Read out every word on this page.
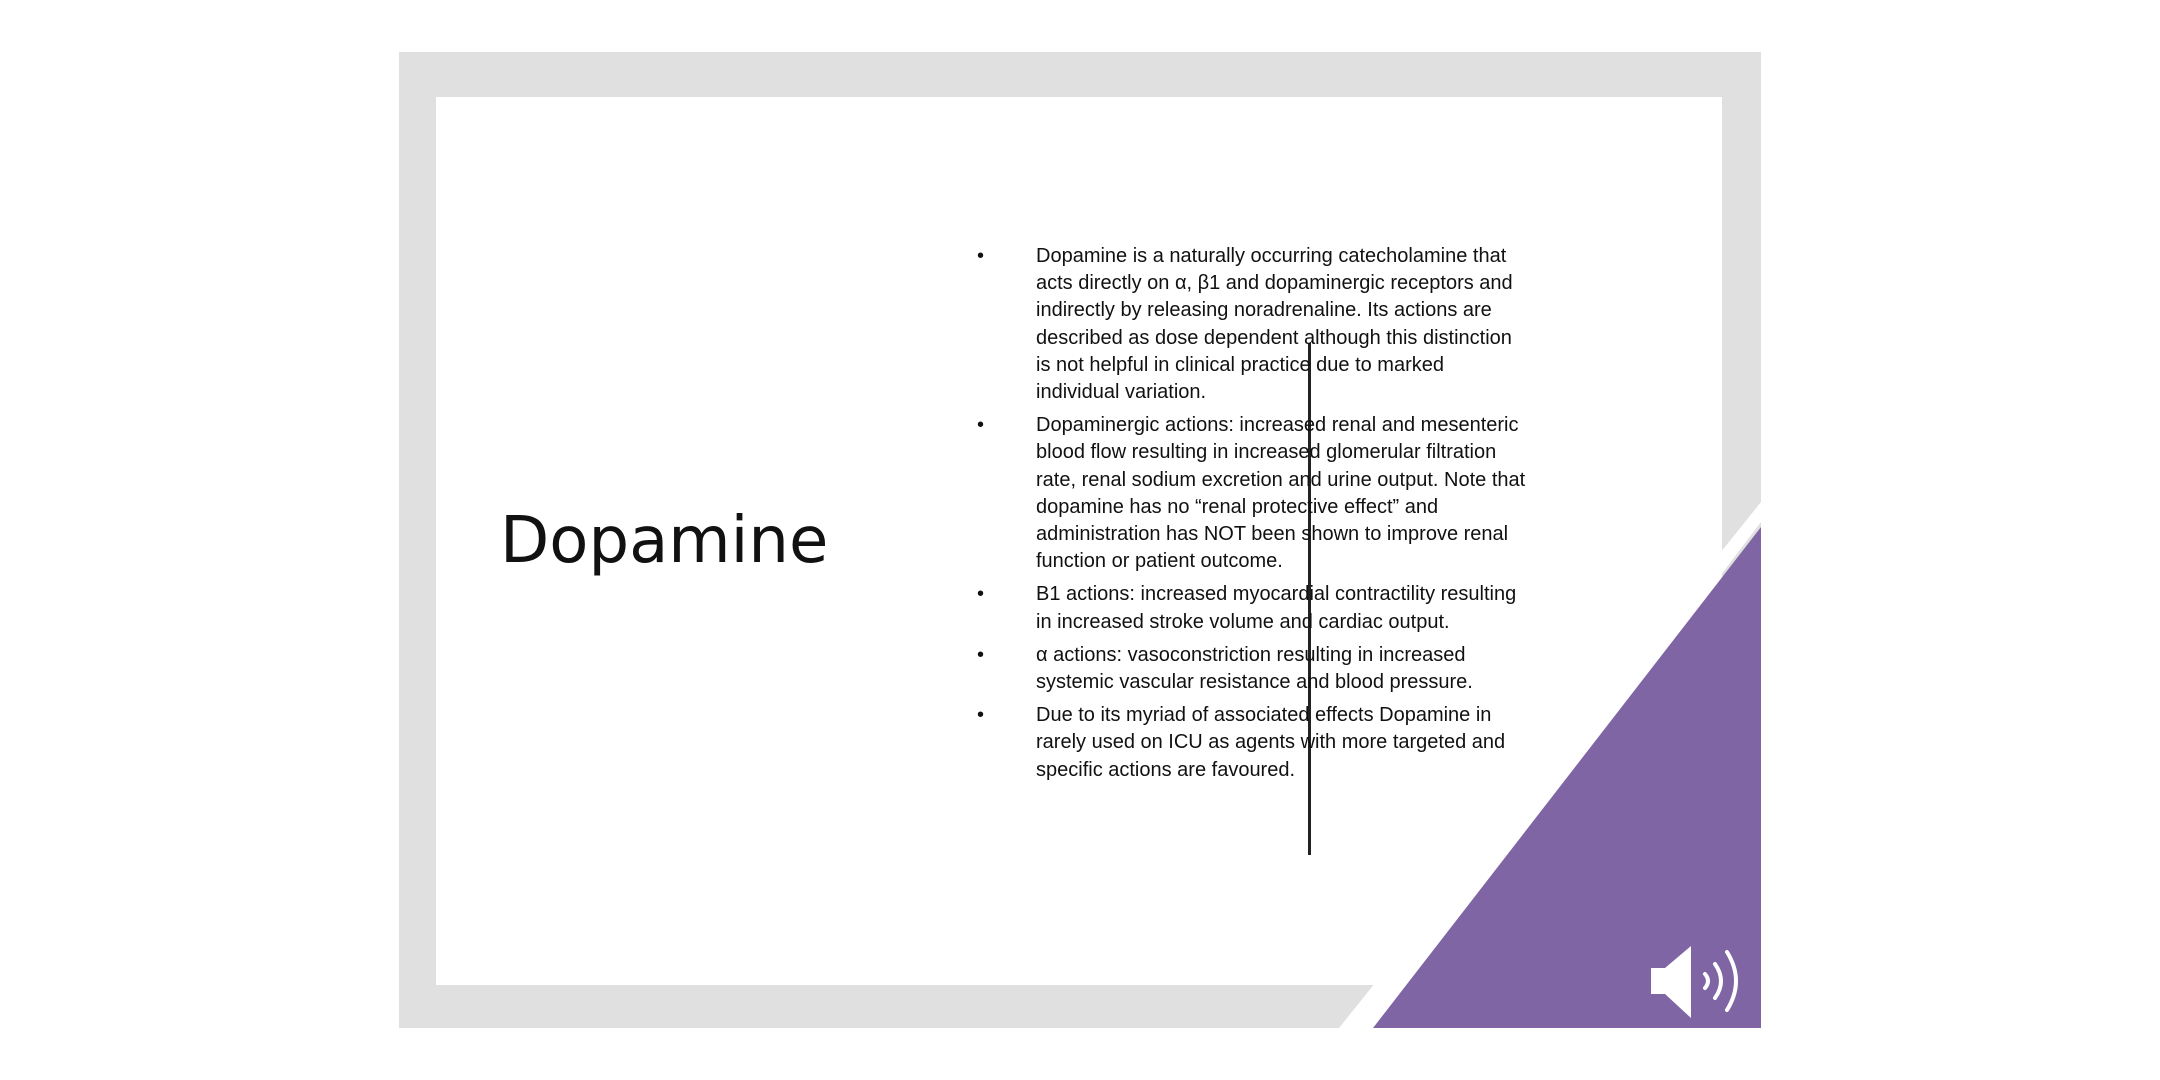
Dopamine
•	Dopamine is a naturally occurring catecholamine that acts directly on α, β1 and dopaminergic receptors and indirectly by releasing noradrenaline. Its actions are described as dose dependent although this distinction is not helpful in clinical practice due to marked individual variation.
•	Dopaminergic actions: increased renal and mesenteric blood flow resulting in increased glomerular filtration rate, renal sodium excretion and urine output. Note that dopamine has no “renal protective effect” and administration has NOT been shown to improve renal function or patient outcome.
•	B1 actions: increased myocardial contractility resulting in increased stroke volume and cardiac output.
•	α actions: vasoconstriction resulting in increased systemic vascular resistance and blood pressure.
•	Due to its myriad of associated effects Dopamine in rarely used on ICU as agents with more targeted and specific actions are favoured.
